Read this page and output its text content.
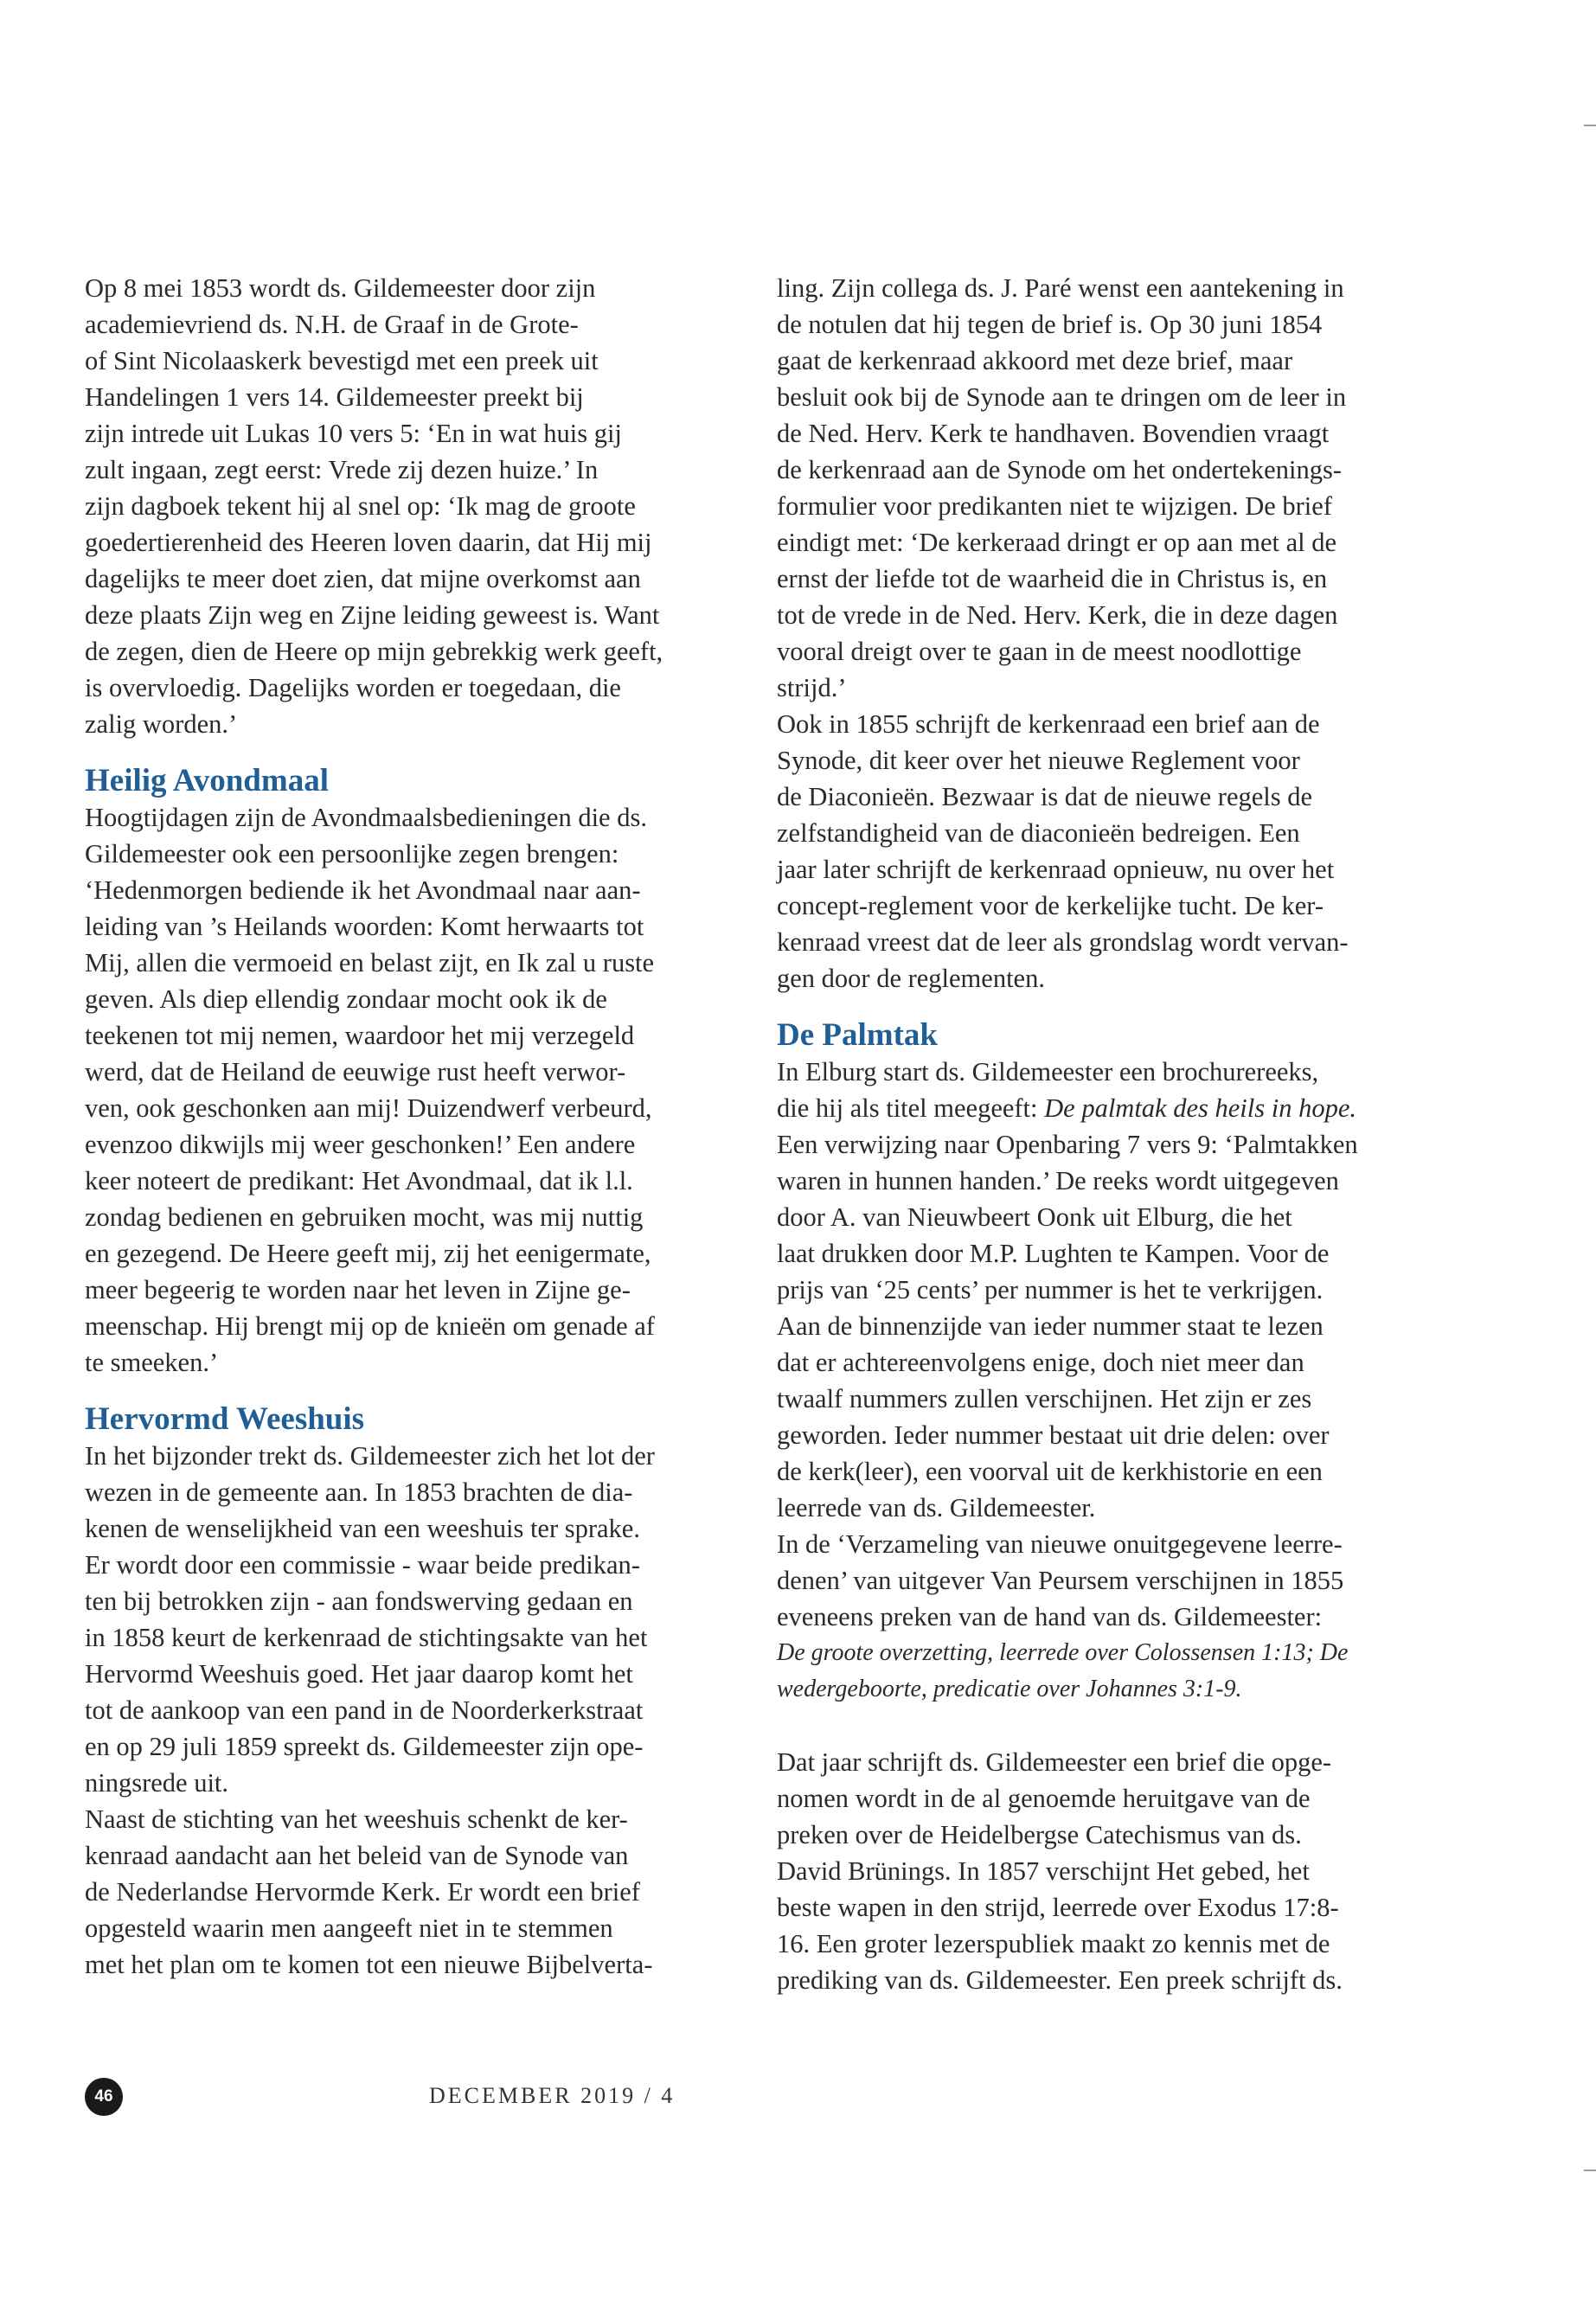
Op 8 mei 1853 wordt ds. Gildemeester door zijn
academievriend ds. N.H. de Graaf in de Grote-
of Sint Nicolaaskerk bevestigd met een preek uit
Handelingen 1 vers 14. Gildemeester preekt bij
zijn intrede uit Lukas 10 vers 5: ‘En in wat huis gij
zult ingaan, zegt eerst: Vrede zij dezen huize.’ In
zijn dagboek tekent hij al snel op: ‘Ik mag de groote
goedertierenheid des Heeren loven daarin, dat Hij mij
dagelijks te meer doet zien, dat mijne overkomst aan
deze plaats Zijn weg en Zijne leiding geweest is. Want
de zegen, dien de Heere op mijn gebrekkig werk geeft,
is overvloedig. Dagelijks worden er toegedaan, die
zalig worden.’
Heilig Avondmaal
Hoogtijdagen zijn de Avondmaalsbedieningen die ds.
Gildemeester ook een persoonlijke zegen brengen:
‘Hedenmorgen bediende ik het Avondmaal naar aan-
leiding van ’s Heilands woorden: Komt herwaarts tot
Mij, allen die vermoeid en belast zijt, en Ik zal u ruste
geven. Als diep ellendig zondaar mocht ook ik de
teekenen tot mij nemen, waardoor het mij verzegeld
werd, dat de Heiland de eeuwige rust heeft verwor-
ven, ook geschonken aan mij! Duizendwerf verbeurd,
evenzoo dikwijls mij weer geschonken!’ Een andere
keer noteert de predikant: Het Avondmaal, dat ik l.l.
zondag bedienen en gebruiken mocht, was mij nuttig
en gezegend. De Heere geeft mij, zij het eenigermate,
meer begeerig te worden naar het leven in Zijne ge-
meenschap. Hij brengt mij op de knieën om genade af
te smeeken.’
Hervormd Weeshuis
In het bijzonder trekt ds. Gildemeester zich het lot der
wezen in de gemeente aan. In 1853 brachten de dia-
kenen de wenselijkheid van een weeshuis ter sprake.
Er wordt door een commissie - waar beide predikan-
ten bij betrokken zijn - aan fondswerving gedaan en
in 1858 keurt de kerkenraad de stichtingsakte van het
Hervormd Weeshuis goed. Het jaar daarop komt het
tot de aankoop van een pand in de Noorderkerkstraat
en op 29 juli 1859 spreekt ds. Gildemeester zijn ope-
ningsrede uit.
Naast de stichting van het weeshuis schenkt de ker-
kenraad aandacht aan het beleid van de Synode van
de Nederlandse Hervormde Kerk. Er wordt een brief
opgesteld waarin men aangeeft niet in te stemmen
met het plan om te komen tot een nieuwe Bijbelverta-
ling. Zijn collega ds. J. Paré wenst een aantekening in
de notulen dat hij tegen de brief is. Op 30 juni 1854
gaat de kerkenraad akkoord met deze brief, maar
besluit ook bij de Synode aan te dringen om de leer in
de Ned. Herv. Kerk te handhaven. Bovendien vraagt
de kerkenraad aan de Synode om het ondertekenings-
formulier voor predikanten niet te wijzigen. De brief
eindigt met: ‘De kerkeraad dringt er op aan met al de
ernst der liefde tot de waarheid die in Christus is, en
tot de vrede in de Ned. Herv. Kerk, die in deze dagen
vooral dreigt over te gaan in de meest noodlottige
strijd.’
Ook in 1855 schrijft de kerkenraad een brief aan de
Synode, dit keer over het nieuwe Reglement voor
de Diaconieën. Bezwaar is dat de nieuwe regels de
zelfstandigheid van de diaconieën bedreigen. Een
jaar later schrijft de kerkenraad opnieuw, nu over het
concept-reglement voor de kerkelijke tucht. De ker-
kenraad vreest dat de leer als grondslag wordt vervan-
gen door de reglementen.
De Palmtak
In Elburg start ds. Gildemeester een brochurereeks,
die hij als titel meegeeft: De palmtak des heils in hope.
Een verwijzing naar Openbaring 7 vers 9: ‘Palmtakken
waren in hunnen handen.’ De reeks wordt uitgegeven
door A. van Nieuwbeert Oonk uit Elburg, die het
laat drukken door M.P. Lughten te Kampen. Voor de
prijs van ‘25 cents’ per nummer is het te verkrijgen.
Aan de binnenzijde van ieder nummer staat te lezen
dat er achtereenvolgens enige, doch niet meer dan
twaalf nummers zullen verschijnen. Het zijn er zes
geworden. Ieder nummer bestaat uit drie delen: over
de kerk(leer), een voorval uit de kerkhistorie en een
leerrede van ds. Gildemeester.
In de ‘Verzameling van nieuwe onuitgegevene leerre-
denen’ van uitgever Van Peursem verschijnen in 1855
eveneens preken van de hand van ds. Gildemeester:
De groote overzetting, leerrede over Colossensen 1:13; De
wedergeboorte, predicatie over Johannes 3:1-9.
Dat jaar schrijft ds. Gildemeester een brief die opge-
nomen wordt in de al genoemde heruitgave van de
preken over de Heidelbergse Catechismus van ds.
David Brünings. In 1857 verschijnt Het gebed, het
beste wapen in den strijd, leerrede over Exodus 17:8-
16. Een groter lezerspubliek maakt zo kennis met de
prediking van ds. Gildemeester. Een preek schrijft ds.
46	DECEMBER 2019 / 4
